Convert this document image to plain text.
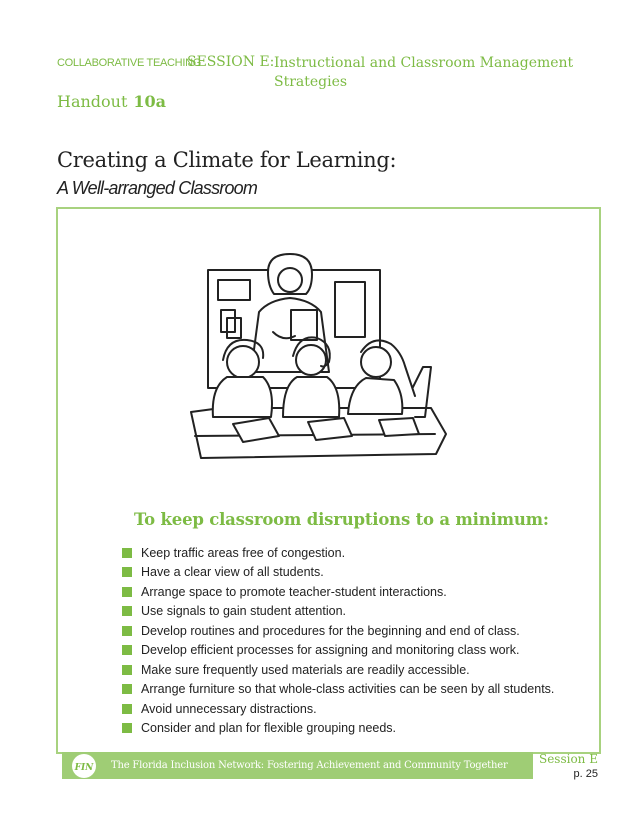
COLLABORATIVE TEACHING
SESSION E: Instructional and Classroom Management Strategies
Handout 10a
Creating a Climate for Learning:
A Well-arranged Classroom
To keep classroom disruptions to a minimum:
Keep traffic areas free of congestion.
Have a clear view of all students.
Arrange space to promote teacher-student interactions.
Use signals to gain student attention.
Develop routines and procedures for the beginning and end of class.
Develop efficient processes for assigning and monitoring class work.
Make sure frequently used materials are readily accessible.
Arrange furniture so that whole-class activities can be seen by all students.
Avoid unnecessary distractions.
Consider and plan for flexible grouping needs.
FIN The Florida Inclusion Network: Fostering Achievement and Community Together	Session E
p. 25
